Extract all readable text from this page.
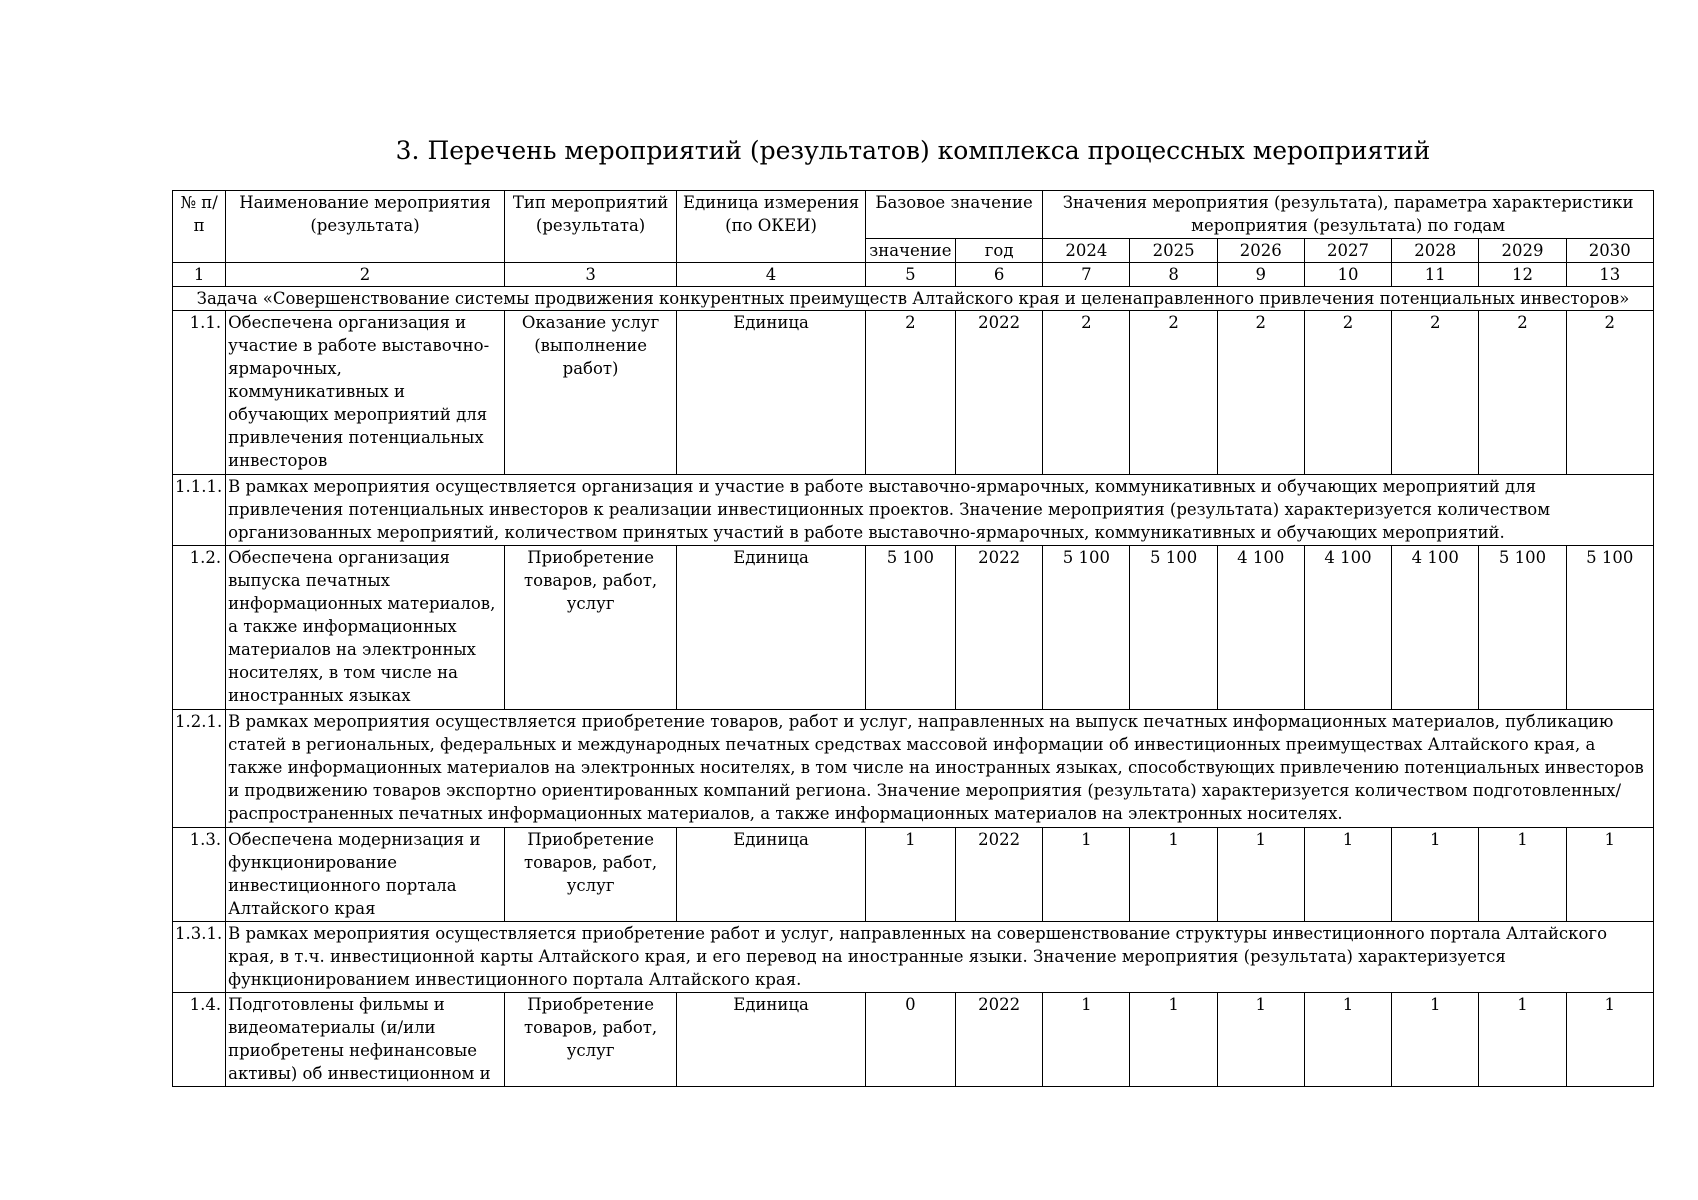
3. Перечень мероприятий (результатов) комплекса процессных мероприятий
№ п/п	Наименование мероприятия (результата)	Тип мероприятий (результата)	Единица измерения (по ОКЕИ)	Базовое значение		Значения мероприятия (результата), параметра характеристики мероприятия (результата) по годам						
				значение	год	2024	2025	2026	2027	2028	2029	2030
1	2	3	4	5	6	7	8	9	10	11	12	13
Задача «Совершенствование системы продвижения конкурентных преимуществ Алтайского края и целенаправленного привлечения потенциальных инвесторов»												
1.1.	Обеспечена организация и участие в работе выставочно-ярмарочных, коммуникативных и обучающих мероприятий для привлечения потенциальных инвесторов	Оказание услуг (выполнение работ)	Единица	2	2022	2	2	2	2	2	2	2
1.1.1.	В рамках мероприятия осуществляется организация и участие в работе выставочно-ярмарочных, коммуникативных и обучающих мероприятий для привлечения потенциальных инвесторов к реализации инвестиционных проектов. Значение мероприятия (результата) характеризуется количеством организованных мероприятий, количеством принятых участий в работе выставочно-ярмарочных, коммуникативных и обучающих мероприятий.											
1.2.	Обеспечена организация выпуска печатных информационных материалов, а также информационных материалов на электронных носителях, в том числе на иностранных языках	Приобретение товаров, работ, услуг	Единица	5 100	2022	5 100	5 100	4 100	4 100	4 100	5 100	5 100
1.2.1.	В рамках мероприятия осуществляется приобретение товаров, работ и услуг, направленных на выпуск печатных информационных материалов, публикацию статей в региональных, федеральных и международных печатных средствах массовой информации об инвестиционных преимуществах Алтайского края, а также информационных материалов на электронных носителях, в том числе на иностранных языках, способствующих привлечению потенциальных инвесторов и продвижению товаров экспортно ориентированных компаний региона. Значение мероприятия (результата) характеризуется количеством подготовленных/распространенных печатных информационных материалов, а также информационных материалов на электронных носителях.											
1.3.	Обеспечена модернизация и функционирование инвестиционного портала Алтайского края	Приобретение товаров, работ, услуг	Единица	1	2022	1	1	1	1	1	1	1
1.3.1.	В рамках мероприятия осуществляется приобретение работ и услуг, направленных на совершенствование структуры инвестиционного портала Алтайского края, в т.ч. инвестиционной карты Алтайского края, и его перевод на иностранные языки. Значение мероприятия (результата) характеризуется функционированием инвестиционного портала Алтайского края.											
1.4.	Подготовлены фильмы и видеоматериалы (и/или приобретены нефинансовые активы) об инвестиционном и	Приобретение товаров, работ, услуг	Единица	0	2022	1	1	1	1	1	1	1
